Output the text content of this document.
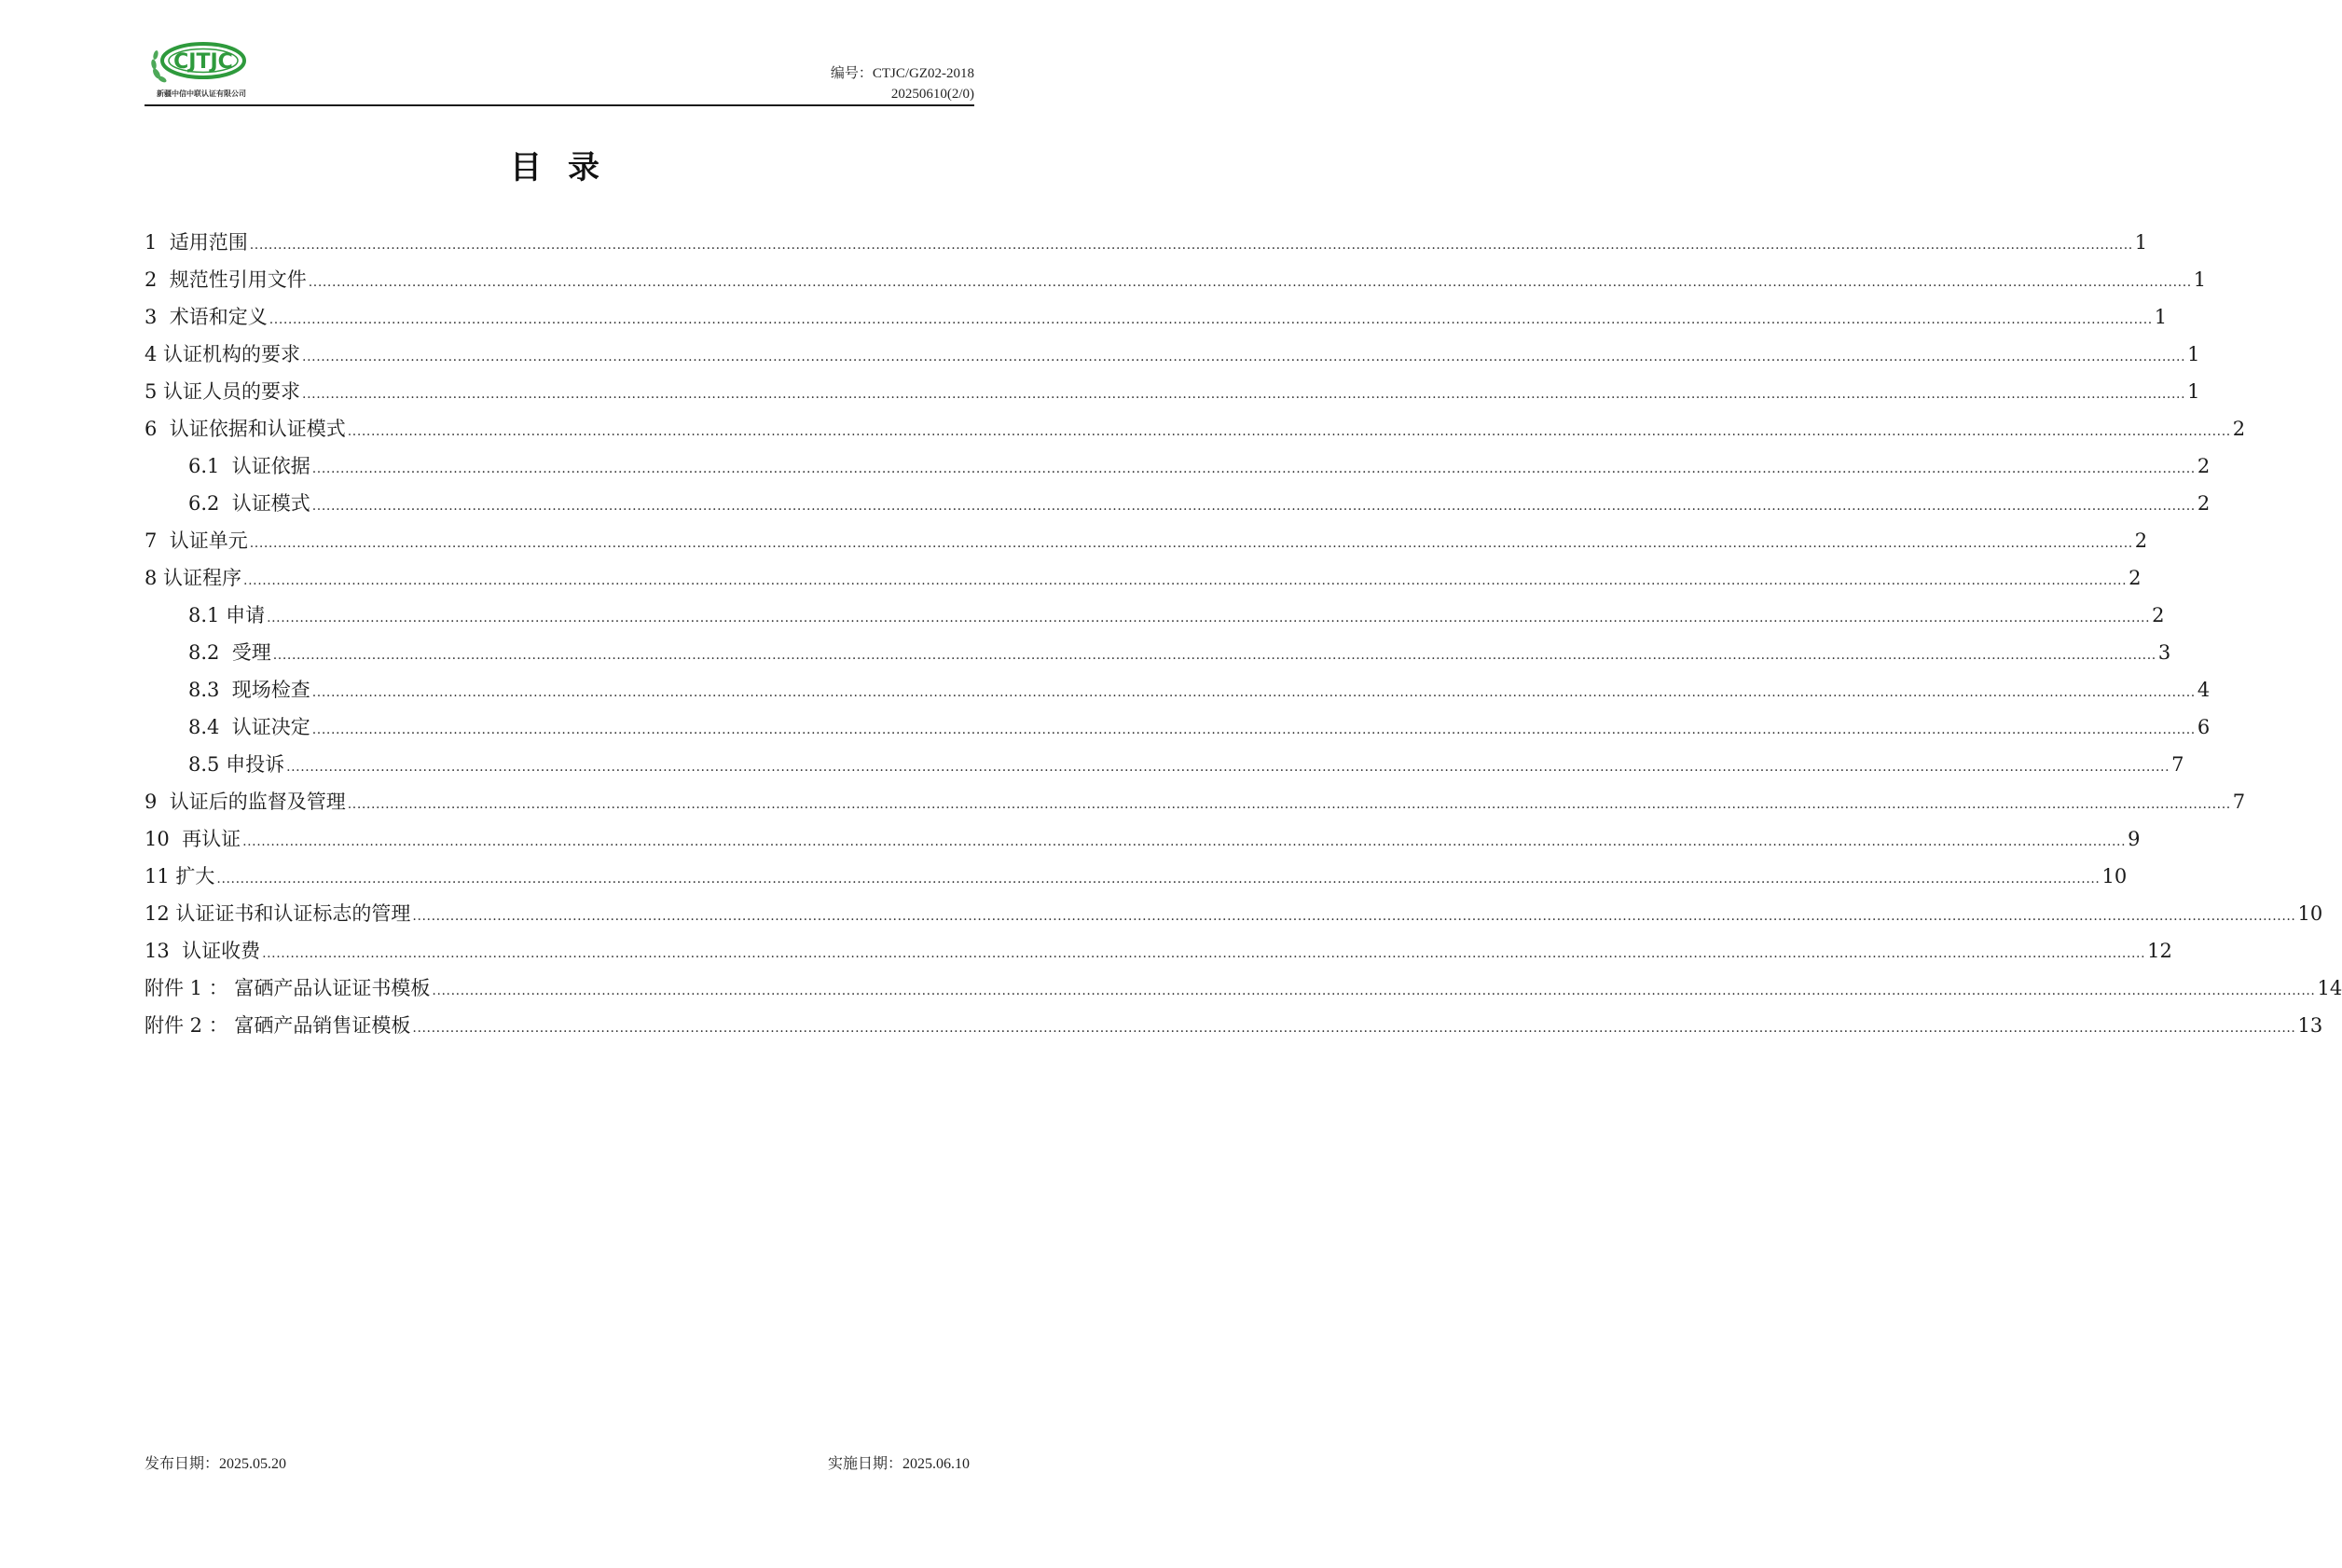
CJTJC
新疆中信中联认证有限公司
编号：CTJC/GZ02-2018
20250610(2/0)
目录
1  适用范围 ................................................................................................................................................................................................................................................................................................................................................................................................................ 1
2  规范性引用文件 ................................................................................................................................................................................................................................................................................................................................................................................................................ 1
3  术语和定义 ................................................................................................................................................................................................................................................................................................................................................................................................................ 1
4 认证机构的要求 ................................................................................................................................................................................................................................................................................................................................................................................................................ 1
5 认证人员的要求 ................................................................................................................................................................................................................................................................................................................................................................................................................ 1
6  认证依据和认证模式 ................................................................................................................................................................................................................................................................................................................................................................................................................ 2
6.1  认证依据 ................................................................................................................................................................................................................................................................................................................................................................................................................ 2
6.2  认证模式 ................................................................................................................................................................................................................................................................................................................................................................................................................ 2
7  认证单元 ................................................................................................................................................................................................................................................................................................................................................................................................................ 2
8 认证程序 ................................................................................................................................................................................................................................................................................................................................................................................................................ 2
8.1 申请 ................................................................................................................................................................................................................................................................................................................................................................................................................ 2
8.2  受理 ................................................................................................................................................................................................................................................................................................................................................................................................................ 3
8.3  现场检查 ................................................................................................................................................................................................................................................................................................................................................................................................................ 4
8.4  认证决定 ................................................................................................................................................................................................................................................................................................................................................................................................................ 6
8.5 申投诉 ................................................................................................................................................................................................................................................................................................................................................................................................................ 7
9  认证后的监督及管理 ................................................................................................................................................................................................................................................................................................................................................................................................................ 7
10  再认证 ................................................................................................................................................................................................................................................................................................................................................................................................................ 9
11 扩大 ................................................................................................................................................................................................................................................................................................................................................................................................................ 10
12 认证证书和认证标志的管理 ................................................................................................................................................................................................................................................................................................................................................................................................................ 10
13  认证收费 ................................................................................................................................................................................................................................................................................................................................................................................................................ 12
附件 1 ： 富硒产品认证证书模板 ................................................................................................................................................................................................................................................................................................................................................................................................................ 14
附件 2 ： 富硒产品销售证模板 ................................................................................................................................................................................................................................................................................................................................................................................................................ 13
发布日期：2025.05.20	实施日期：2025.06.10
